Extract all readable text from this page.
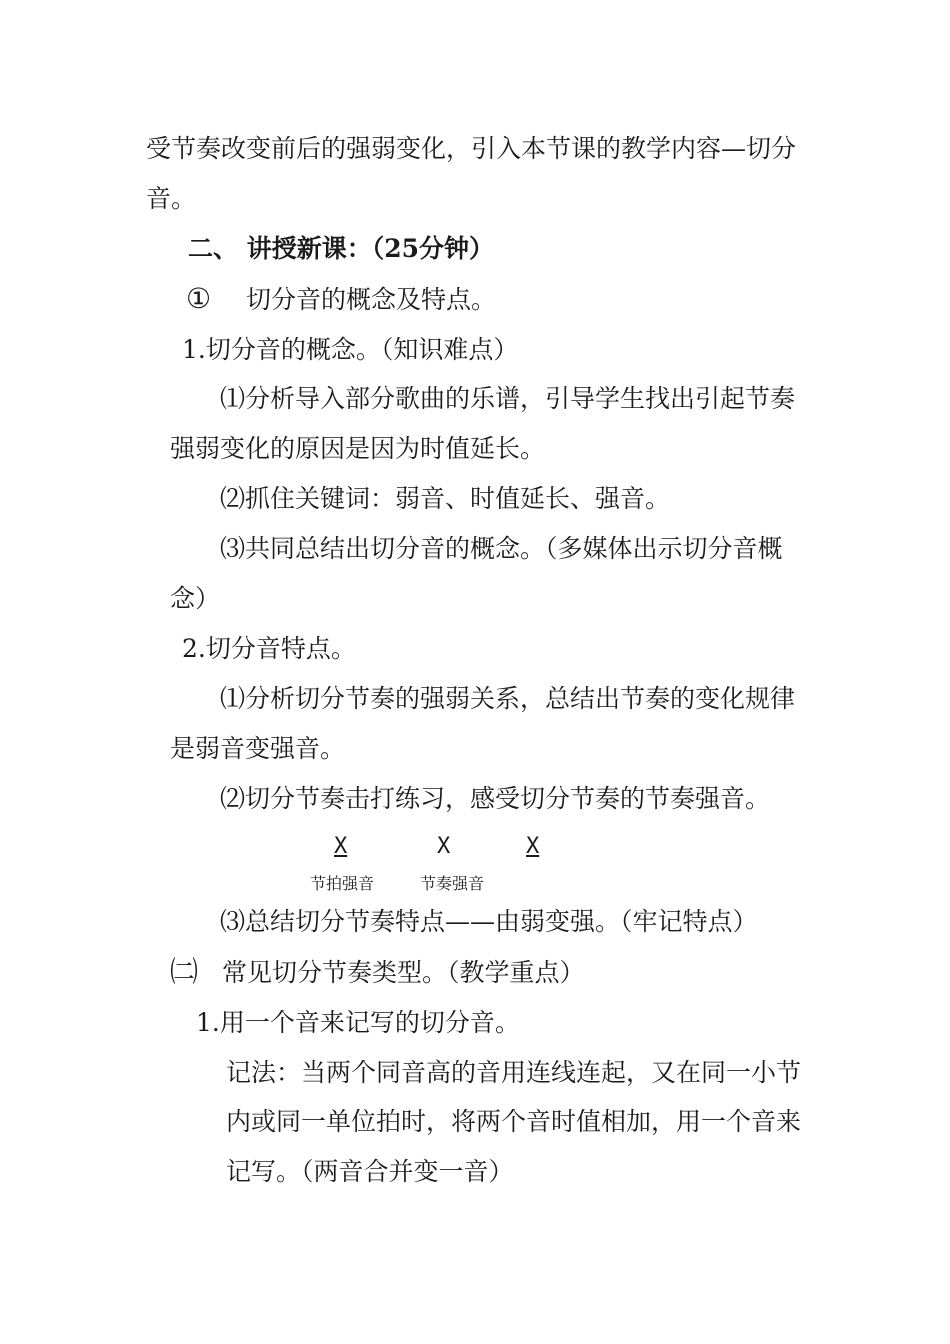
受节奏改变前后的强弱变化，引入本节课的教学内容—切分
音。
二、 讲授新课：（25分钟）
① 切分音的概念及特点。
1.切分音的概念。（知识难点）
⑴分析导入部分歌曲的乐谱，引导学生找出引起节奏
强弱变化的原因是因为时值延长。
⑵抓住关键词：弱音、时值延长、强音。
⑶共同总结出切分音的概念。（多媒体出示切分音概
念）
2.切分音特点。
⑴分析切分节奏的强弱关系，总结出节奏的变化规律
是弱音变强音。
⑵切分节奏击打练习，感受切分节奏的节奏强音。
X	X	X
节拍强音	节奏强音
⑶总结切分节奏特点——由弱变强。（牢记特点）
㈡ 常见切分节奏类型。（教学重点）
1.用一个音来记写的切分音。
记法：当两个同音高的音用连线连起，又在同一小节
内或同一单位拍时，将两个音时值相加，用一个音来
记写。（两音合并变一音）
